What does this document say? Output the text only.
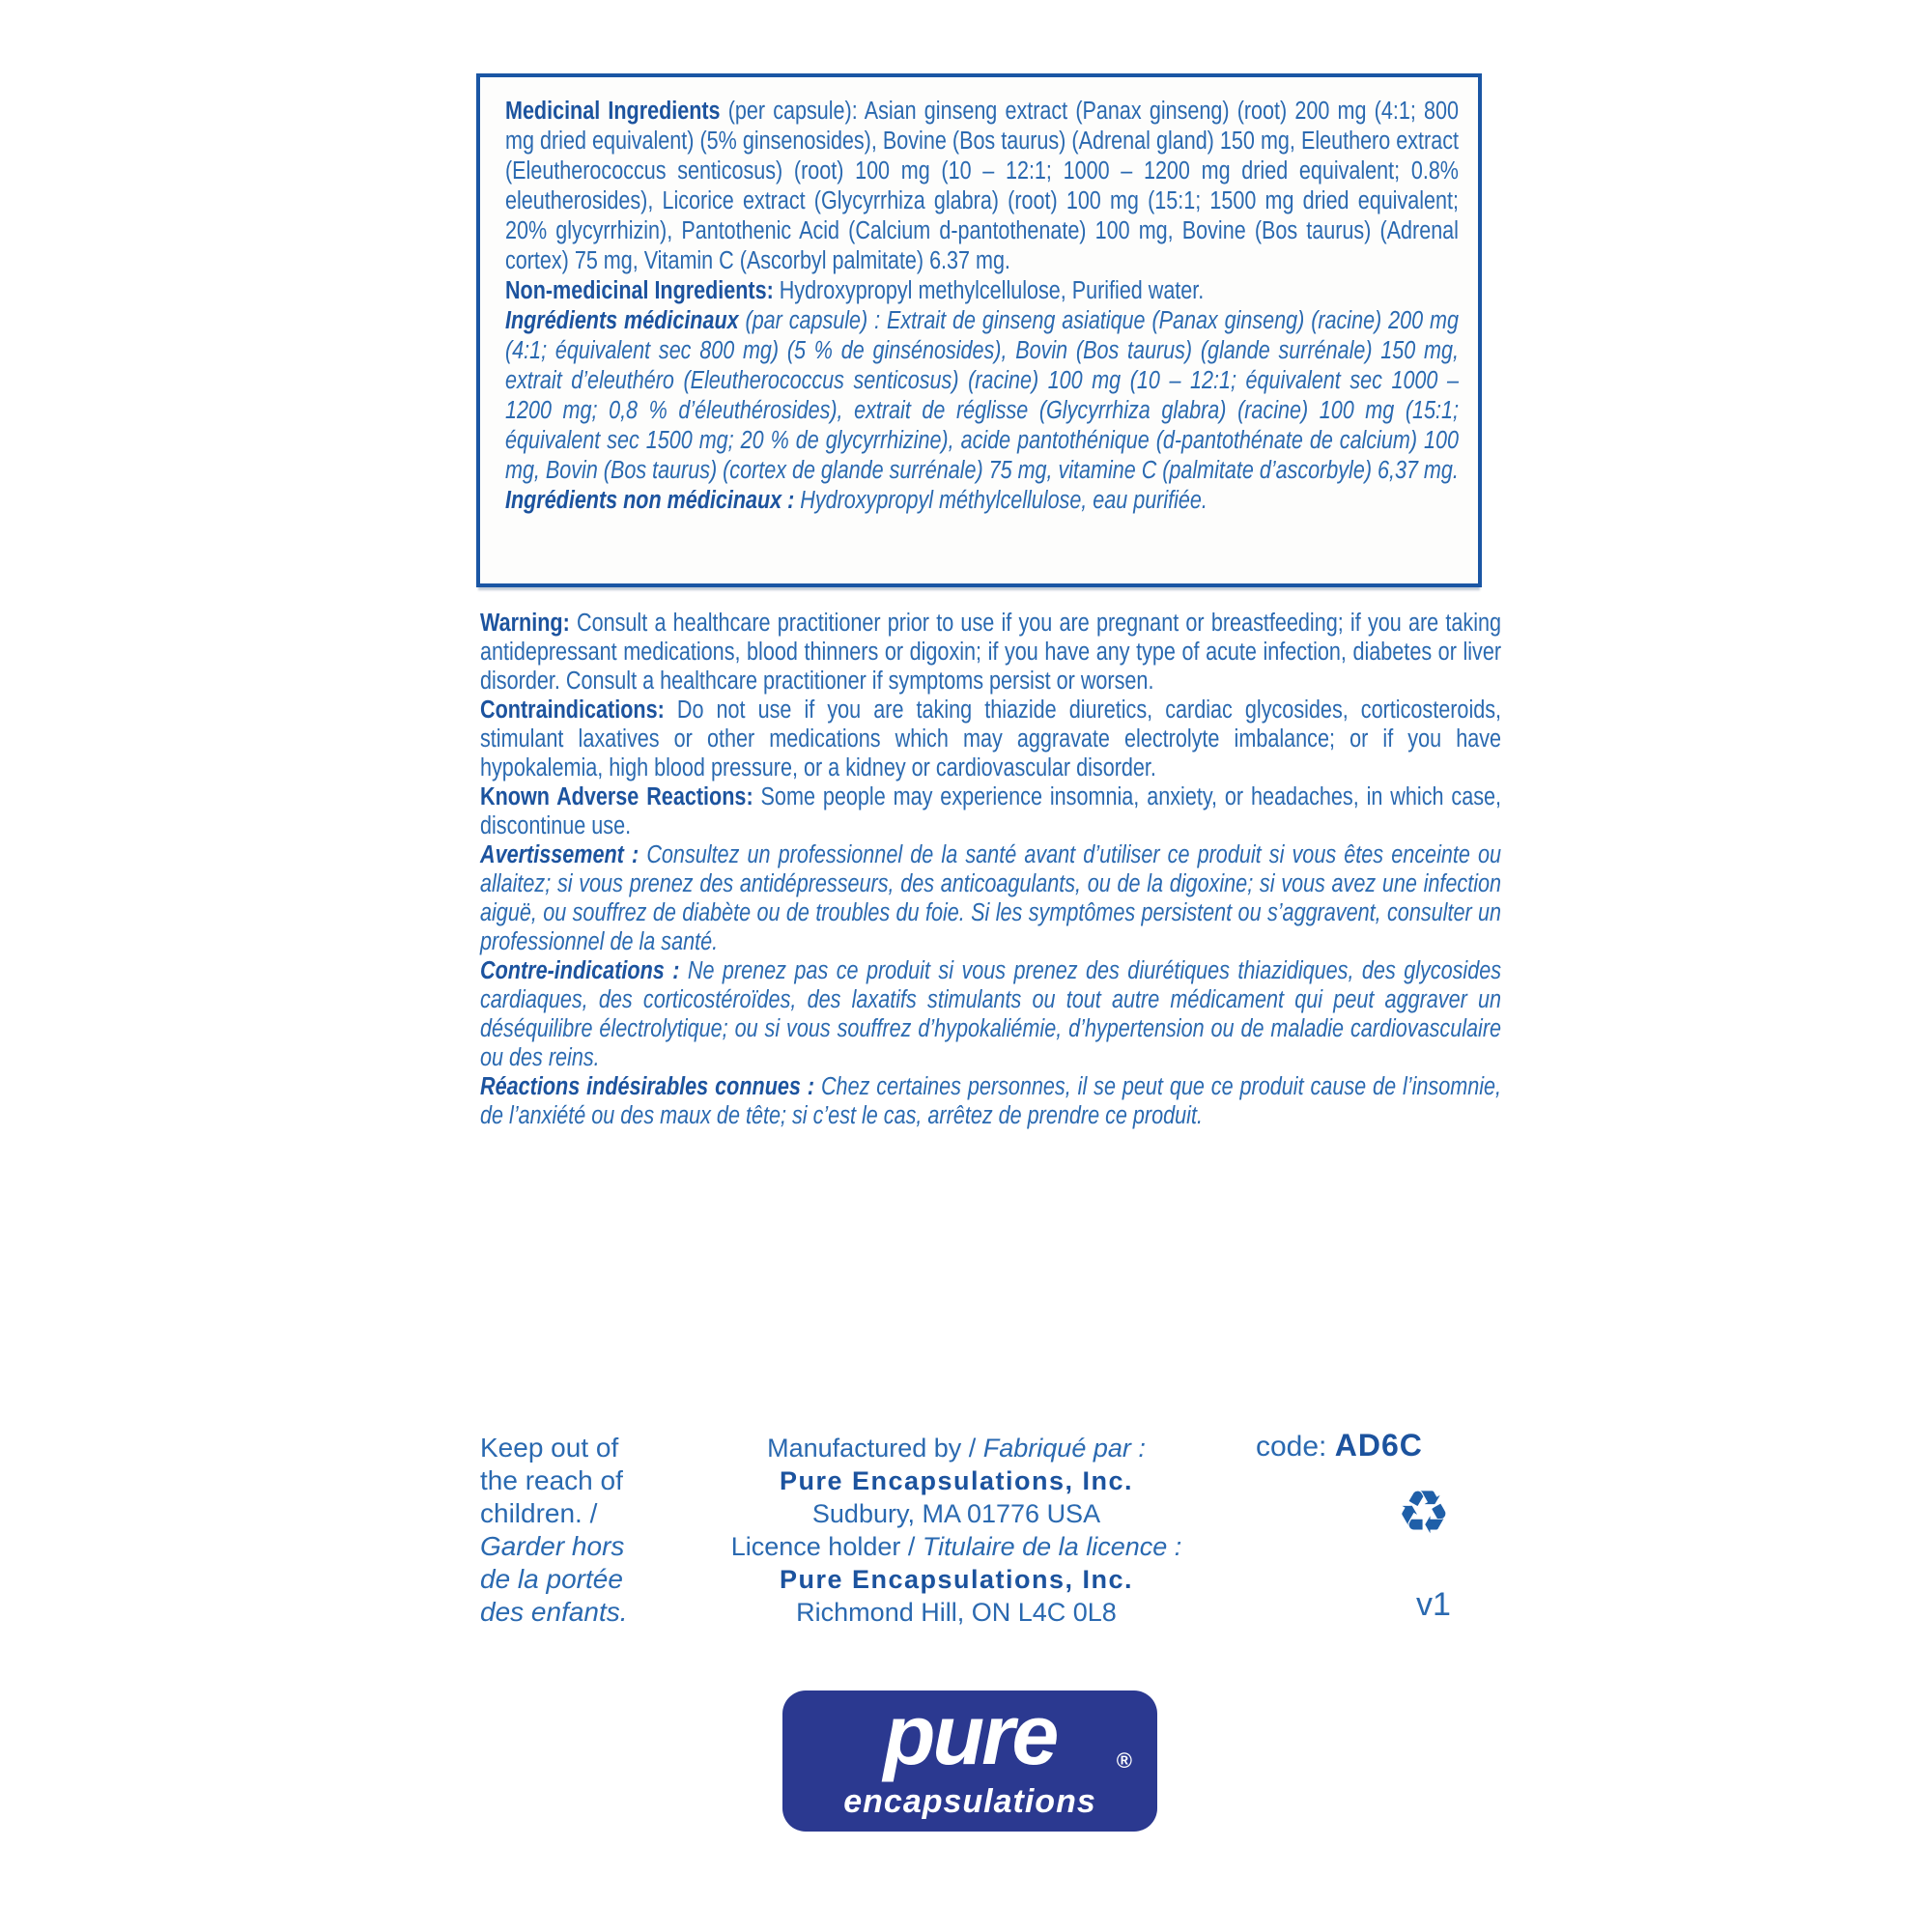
Medicinal Ingredients (per capsule): Asian ginseng extract (Panax ginseng) (root) 200 mg (4:1; 800 mg dried equivalent) (5% ginsenosides), Bovine (Bos taurus) (Adrenal gland) 150 mg, Eleuthero extract (Eleutherococcus senticosus) (root) 100 mg (10 – 12:1; 1000 – 1200 mg dried equivalent; 0.8% eleutherosides), Licorice extract (Glycyrrhiza glabra) (root) 100 mg (15:1; 1500 mg dried equivalent; 20% glycyrrhizin), Pantothenic Acid (Calcium d-pantothenate) 100 mg, Bovine (Bos taurus) (Adrenal cortex) 75 mg, Vitamin C (Ascorbyl palmitate) 6.37 mg.

Non-medicinal Ingredients: Hydroxypropyl methylcellulose, Purified water.

Ingrédients médicinaux (par capsule) : Extrait de ginseng asiatique (Panax ginseng) (racine) 200 mg (4:1; équivalent sec 800 mg) (5 % de ginsénosides), Bovin (Bos taurus) (glande surrénale) 150 mg, extrait d’eleuthéro (Eleutherococcus senticosus) (racine) 100 mg (10 – 12:1; équivalent sec 1000 – 1200 mg; 0,8 % d’éleuthérosides), extrait de réglisse (Glycyrrhiza glabra) (racine) 100 mg (15:1; équivalent sec 1500 mg; 20 % de glycyrrhizine), acide pantothénique (d-pantothénate de calcium) 100 mg, Bovin (Bos taurus) (cortex de glande surrénale) 75 mg, vitamine C (palmitate d’ascorbyle) 6,37 mg.

Ingrédients non médicinaux : Hydroxypropyl méthylcellulose, eau purifiée.

Warning: Consult a healthcare practitioner prior to use if you are pregnant or breastfeeding; if you are taking antidepressant medications, blood thinners or digoxin; if you have any type of acute infection, diabetes or liver disorder. Consult a healthcare practitioner if symptoms persist or worsen.

Contraindications: Do not use if you are taking thiazide diuretics, cardiac glycosides, corticosteroids, stimulant laxatives or other medications which may aggravate electrolyte imbalance; or if you have hypokalemia, high blood pressure, or a kidney or cardiovascular disorder.

Known Adverse Reactions: Some people may experience insomnia, anxiety, or headaches, in which case, discontinue use.

Avertissement : Consultez un professionnel de la santé avant d’utiliser ce produit si vous êtes enceinte ou allaitez; si vous prenez des antidépresseurs, des anticoagulants, ou de la digoxine; si vous avez une infection aiguë, ou souffrez de diabète ou de troubles du foie. Si les symptômes persistent ou s’aggravent, consulter un professionnel de la santé.

Contre-indications : Ne prenez pas ce produit si vous prenez des diurétiques thiazidiques, des glycosides cardiaques, des corticostéroïdes, des laxatifs stimulants ou tout autre médicament qui peut aggraver un déséquilibre électrolytique; ou si vous souffrez d’hypokaliémie, d’hypertension ou de maladie cardiovasculaire ou des reins.

Réactions indésirables connues : Chez certaines personnes, il se peut que ce produit cause de l’insomnie, de l’anxiété ou des maux de tête; si c’est le cas, arrêtez de prendre ce produit.

Keep out of
the reach of
children. /
Garder hors
de la portée
des enfants.
Manufactured by / Fabriqué par :
Pure Encapsulations, Inc.
Sudbury, MA 01776 USA
Licence holder / Titulaire de la licence :
Pure Encapsulations, Inc.
Richmond Hill, ON L4C 0L8
code: AD6C
♻
v1
pure
encapsulations
®
